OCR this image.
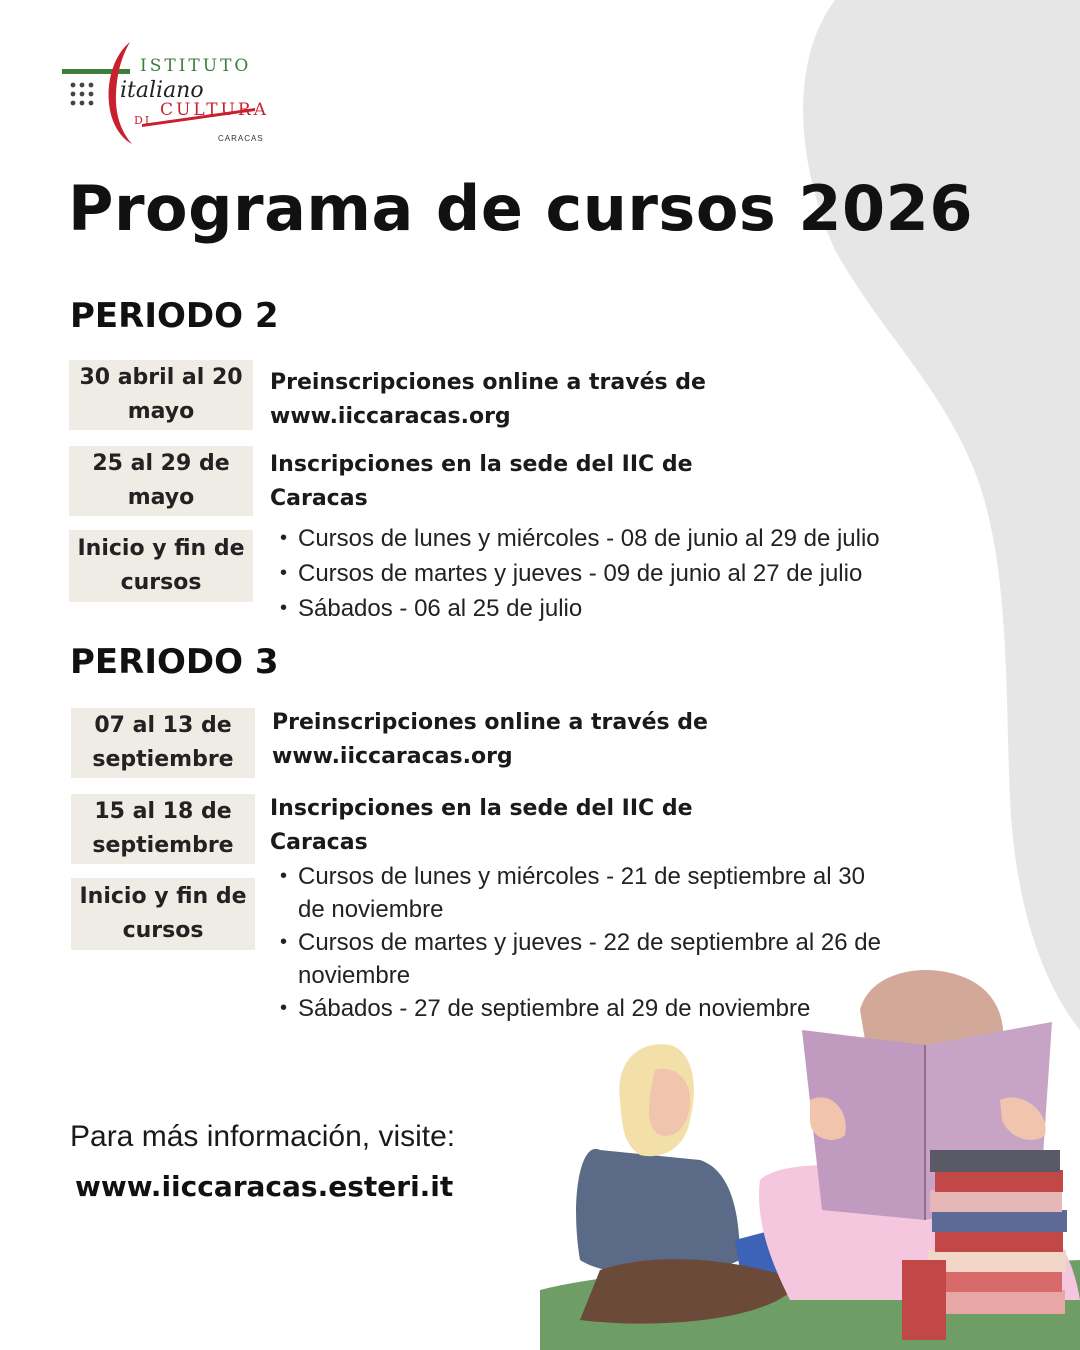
ISTITUTO
italiano
DI
CULTURA
CARACAS
Programa de cursos 2026
PERIODO 2
30 abril al 20 mayo

Preinscripciones online a través de www.iiccaracas.org

25 al 29 de mayo

Inscripciones en la sede del IIC de Caracas

Inicio y fin de cursos
• Cursos de lunes y miércoles - 08 de junio al 29 de julio
• Cursos de martes y jueves - 09 de junio al 27 de julio
• Sábados - 06 al 25 de julio
PERIODO 3
07 al 13 de septiembre

Preinscripciones online a través de www.iiccaracas.org

15 al 18 de septiembre

Inscripciones en la sede del IIC de Caracas

Inicio y fin de cursos
• Cursos de lunes y miércoles - 21 de septiembre al 30 de noviembre
• Cursos de martes y jueves - 22 de septiembre al 26 de noviembre
• Sábados - 27 de septiembre al 29 de noviembre
Para más información, visite:
www.iiccaracas.esteri.it
